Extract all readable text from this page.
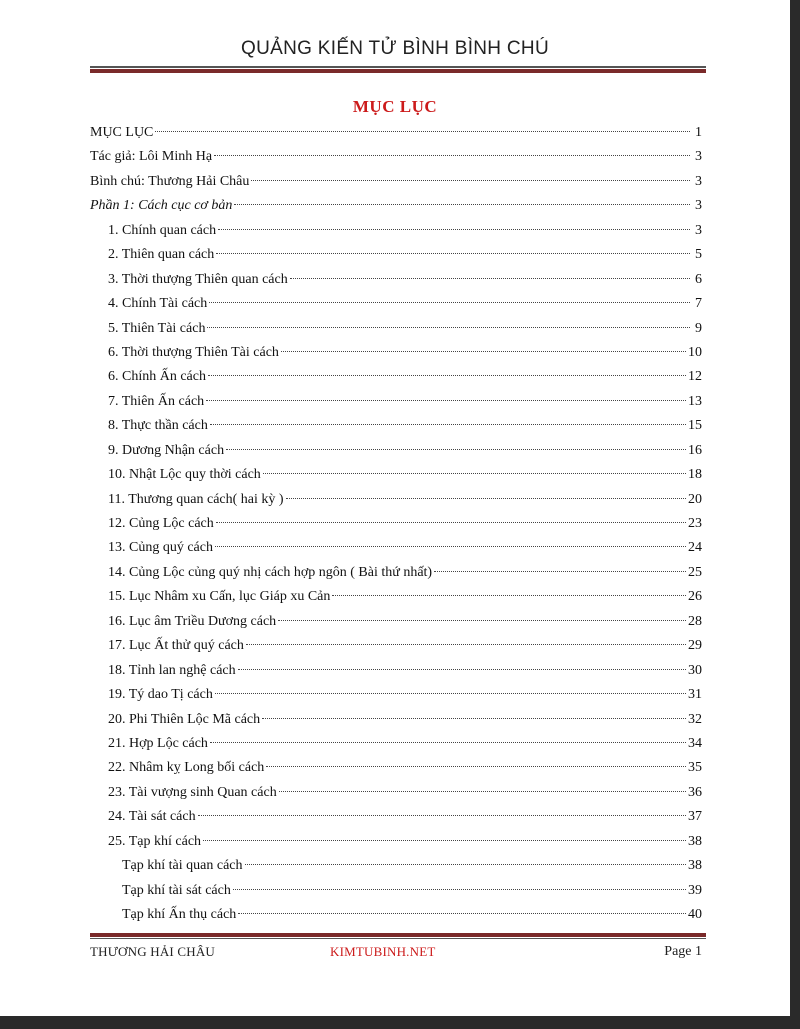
QUẢNG KIẾN TỬ BÌNH BÌNH CHÚ
MỤC LỤC
MỤC LỤC	1
Tác giả: Lôi Minh Hạ	3
Bình chú: Thương Hải Châu	3
Phần 1: Cách cục cơ bản	3
1. Chính quan cách	3
2. Thiên quan cách	5
3. Thời thượng Thiên quan cách	6
4. Chính Tài cách	7
5. Thiên Tài cách	9
6. Thời thượng Thiên Tài cách	10
6. Chính Ấn cách	12
7. Thiên Ấn cách	13
8. Thực thần cách	15
9. Dương Nhận cách	16
10. Nhật Lộc quy thời cách	18
11. Thương quan cách( hai kỳ )	20
12. Củng Lộc cách	23
13. Củng quý cách	24
14. Củng Lộc củng quý nhị cách hợp ngôn ( Bài thứ nhất)	25
15. Lục Nhâm xu Cấn, lục Giáp xu Cản	26
16. Lục âm Triều Dương cách	28
17. Lục Ất thử quý cách	29
18. Tỉnh lan nghệ cách	30
19. Tý dao Tị cách	31
20. Phi Thiên Lộc Mã cách	32
21. Hợp Lộc cách	34
22. Nhâm kỵ Long bối cách	35
23. Tài vượng sinh Quan cách	36
24. Tài sát cách	37
25. Tạp khí cách	38
Tạp khí tài quan cách	38
Tạp khí tài sát cách	39
Tạp khí Ấn thụ cách	40
THƯƠNG HẢI CHÂU	KIMTUBINH.NET	Page 1
